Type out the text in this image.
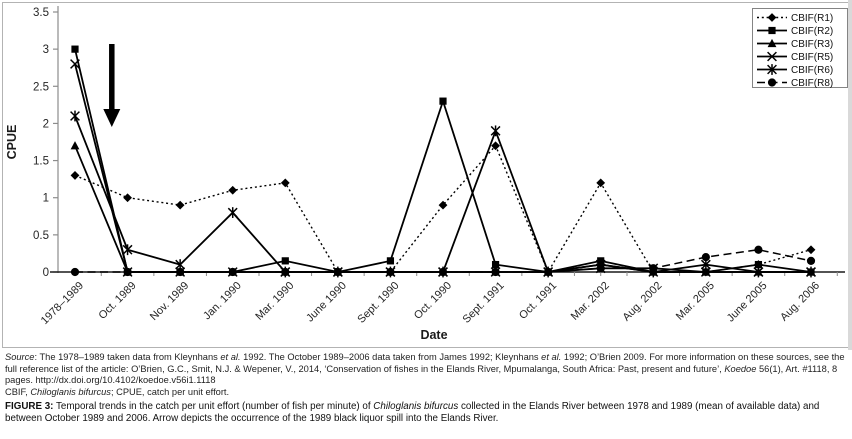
0
0.5
1
1.5
2
2.5
3
3.5
1978–1989 Oct. 1989 Nov. 1989 Jan. 1990 Mar. 1990 June 1990 Sept. 1990 Oct. 1990 Sept. 1991 Oct. 1991 Mar. 2002 Aug. 2002 Mar. 2005 June 2005 Aug. 2006
CPUE
Date
CBIF(R1)
CBIF(R2)
CBIF(R3)
CBIF(R5)
CBIF(R6)
CBIF(R8)

Source: The 1978–1989 taken data from Kleynhans et al. 1992. The October 1989–2006 data taken from James 1992; Kleynhans et al. 1992; O’Brien 2009. For more information on these sources, see the full reference list of the article: O’Brien, G.C., Smit, N.J. & Wepener, V., 2014, ‘Conservation of fishes in the Elands River, Mpumalanga, South Africa: Past, present and future’, Koedoe 56(1), Art. #1118, 8 pages. http://dx.doi.org/10.4102/koedoe.v56i1.1118

CBIF, Chiloglanis bifurcus; CPUE, catch per unit effort.

FIGURE 3: Temporal trends in the catch per unit effort (number of fish per minute) of Chiloglanis bifurcus collected in the Elands River between 1978 and 1989 (mean of available data) and between October 1989 and 2006. Arrow depicts the occurrence of the 1989 black liquor spill into the Elands River.
